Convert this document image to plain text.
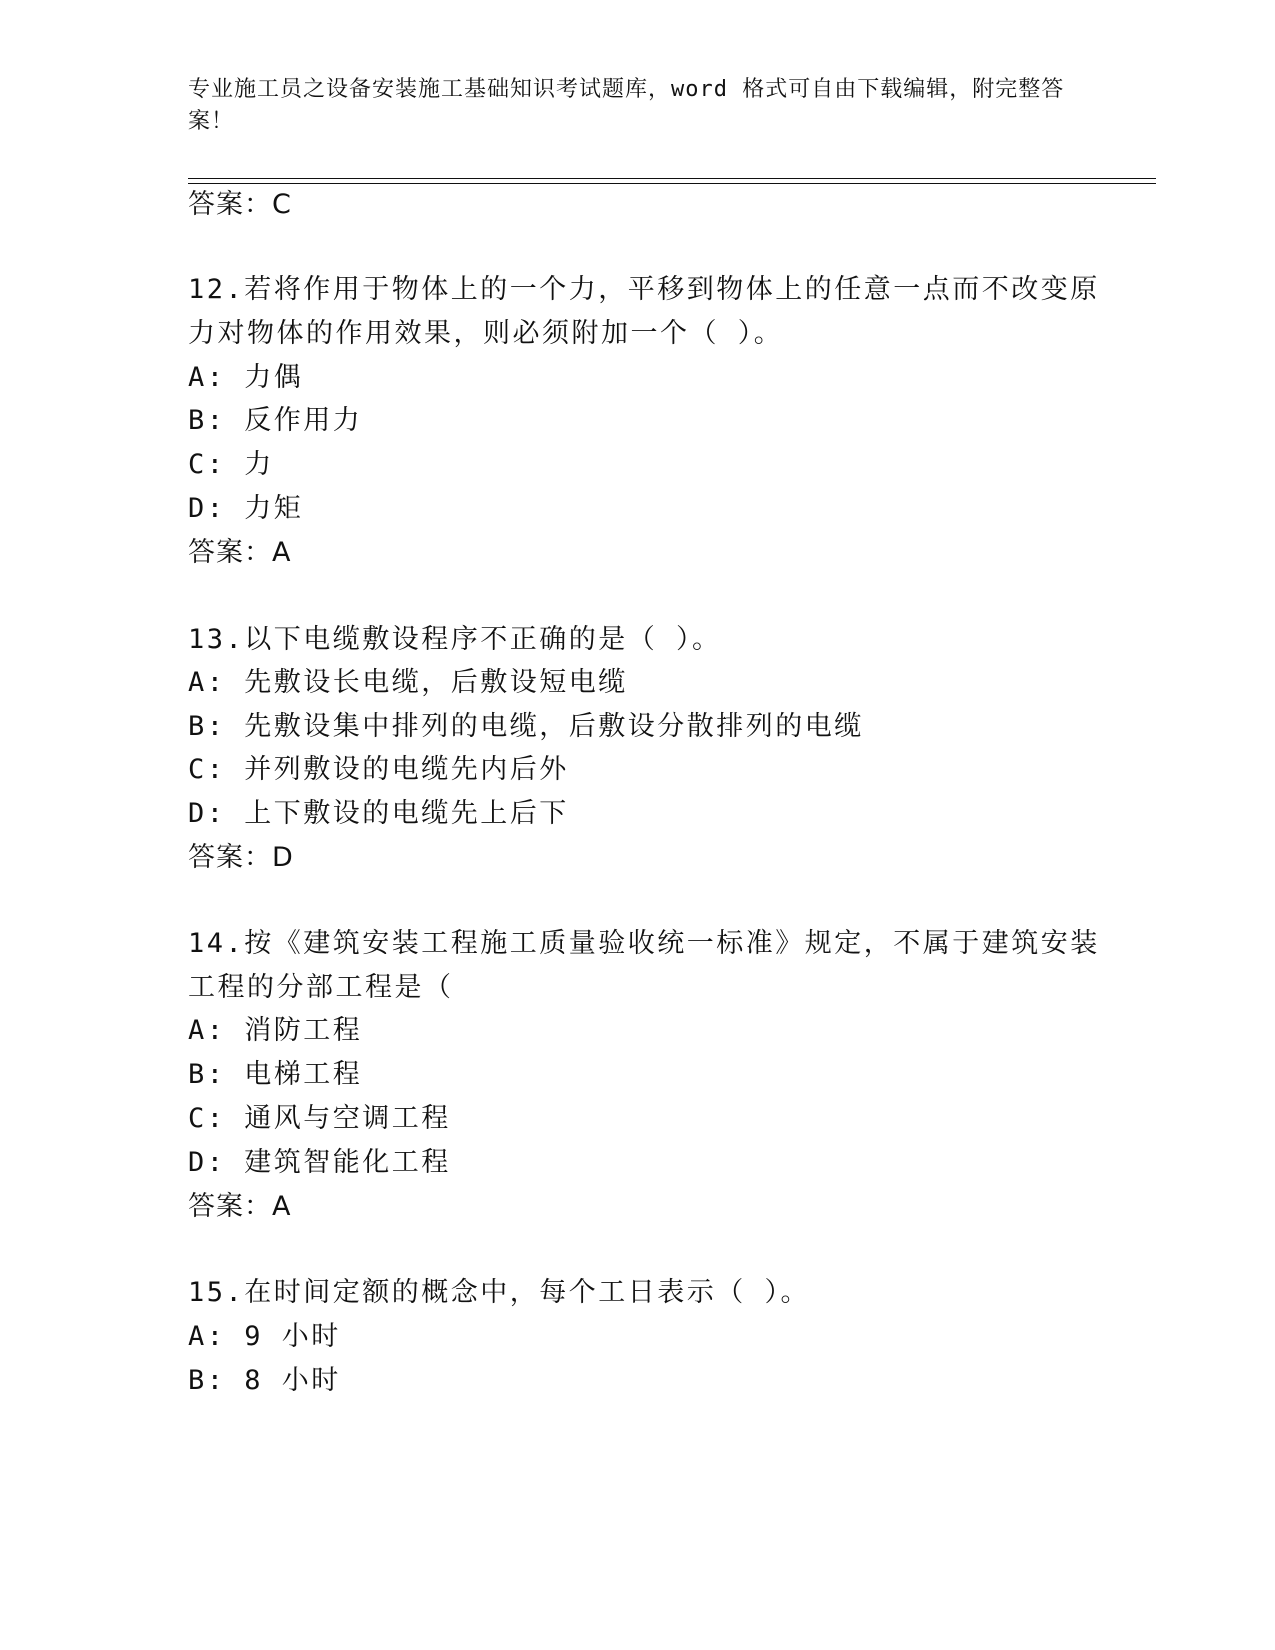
专业施工员之设备安装施工基础知识考试题库，word 格式可自由下载编辑，附完整答案！
答案：C
12.若将作用于物体上的一个力，平移到物体上的任意一点而不改变原
力对物体的作用效果，则必须附加一个（ ）。
A: 力偶
B: 反作用力
C: 力
D: 力矩
答案：A
13.以下电缆敷设程序不正确的是（ ）。
A: 先敷设长电缆，后敷设短电缆
B: 先敷设集中排列的电缆，后敷设分散排列的电缆
C: 并列敷设的电缆先内后外
D: 上下敷设的电缆先上后下
答案：D
14.按《建筑安装工程施工质量验收统一标准》规定，不属于建筑安装
工程的分部工程是（
A: 消防工程
B: 电梯工程
C: 通风与空调工程
D: 建筑智能化工程
答案：A
15.在时间定额的概念中，每个工日表示（ ）。
A: 9 小时
B: 8 小时
